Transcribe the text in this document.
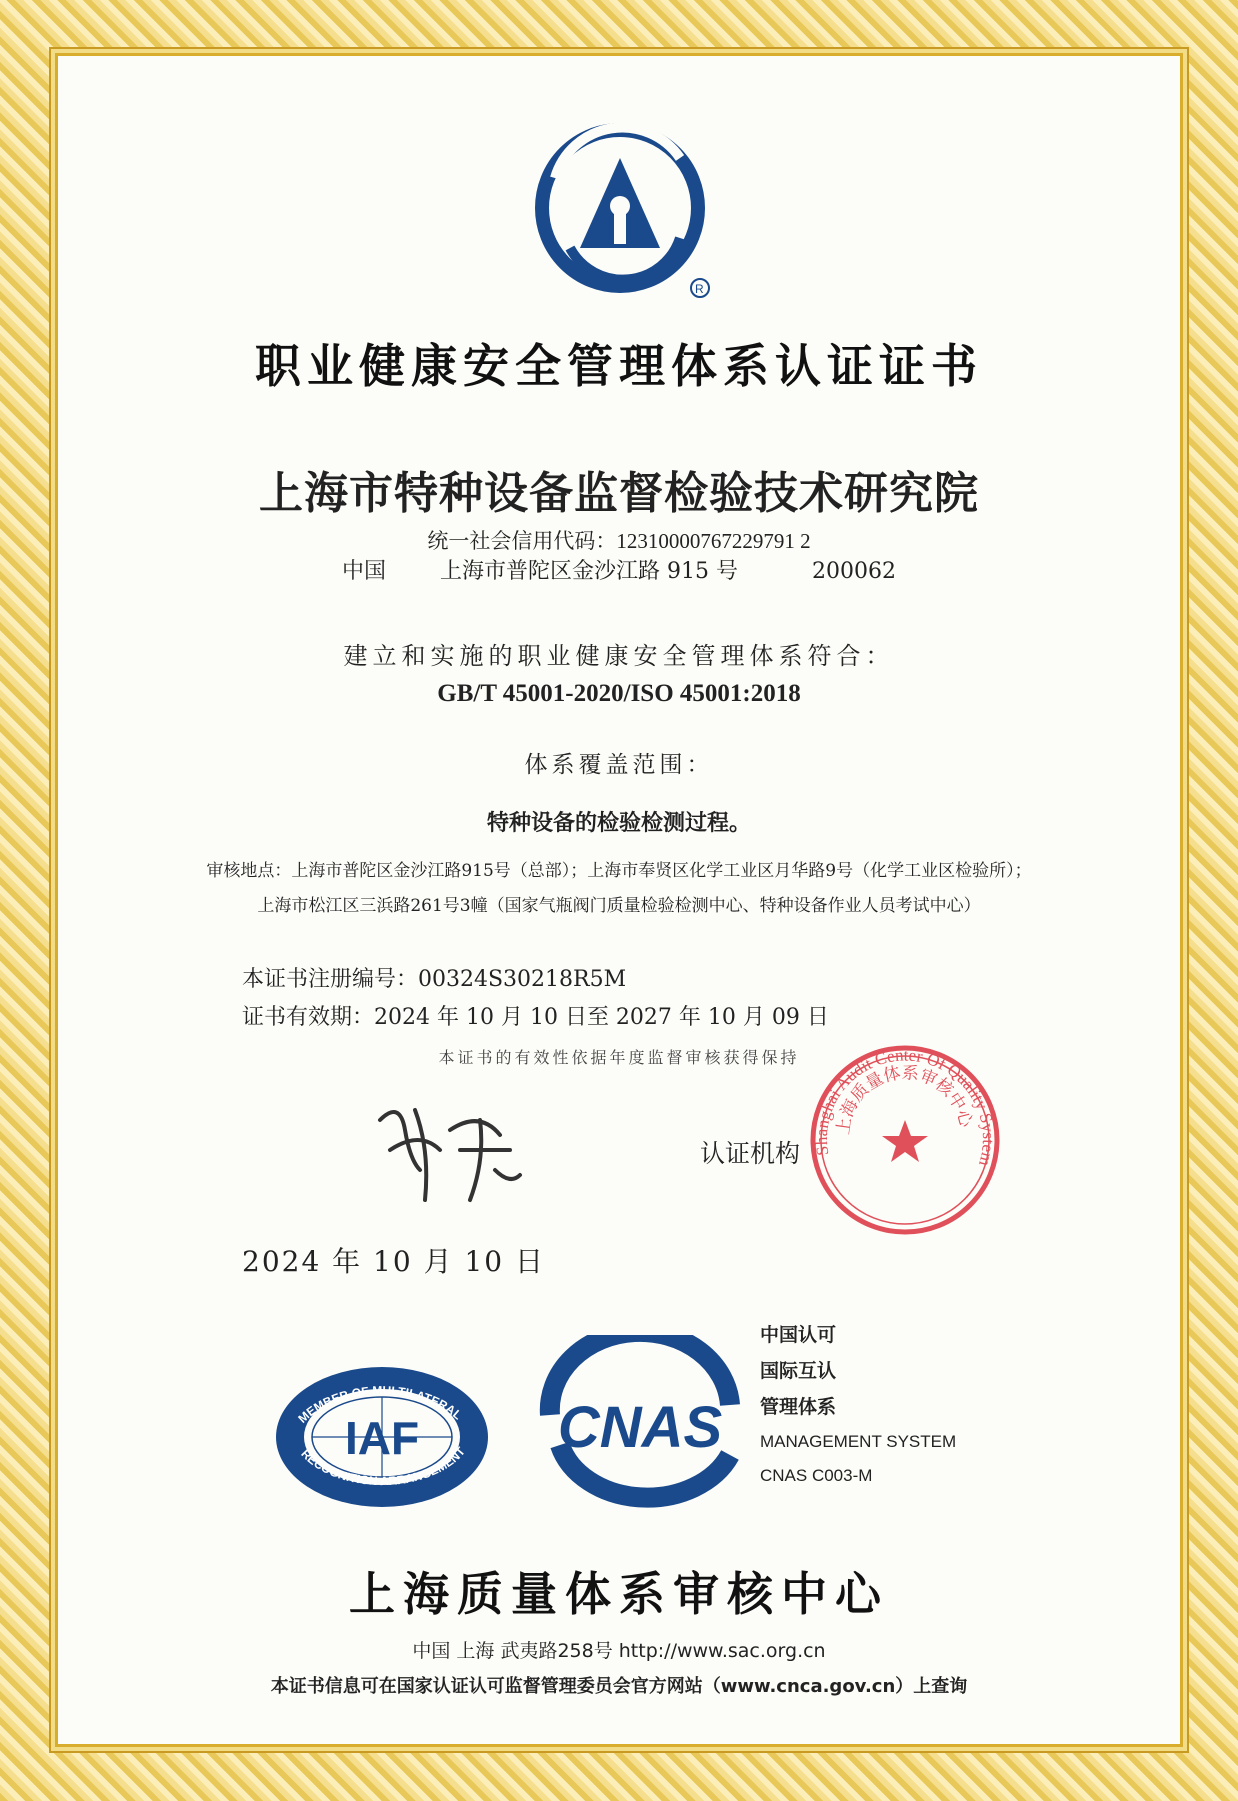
R
职业健康安全管理体系认证证书
上海市特种设备监督检验技术研究院
统一社会信用代码：12310000767229791 2
中国 上海市普陀区金沙江路 915 号	200062
建立和实施的职业健康安全管理体系符合：
GB/T 45001-2020/ISO 45001:2018
体系覆盖范围：
特种设备的检验检测过程。
审核地点：上海市普陀区金沙江路915号（总部）；上海市奉贤区化学工业区月华路9号（化学工业区检验所）；
上海市松江区三浜路261号3幢（国家气瓶阀门质量检验检测中心、特种设备作业人员考试中心）
本证书注册编号：00324S30218R5M
证书有效期：2024 年 10 月 10 日至 2027 年 10 月 09 日
本证书的有效性依据年度监督审核获得保持
认证机构 Shanghai Audit Center Of Quality System
上海质量体系审核中心
2024 年 10 月 10 日
MEMBER OF MULTILATERAL
RECOGNITION ARRANGEMENT
IAF CNAS
中国认可
国际互认
管理体系
MANAGEMENT SYSTEM
CNAS C003-M
上海质量体系审核中心
中国 上海 武夷路258号 http://www.sac.org.cn
本证书信息可在国家认证认可监督管理委员会官方网站（www.cnca.gov.cn）上查询
